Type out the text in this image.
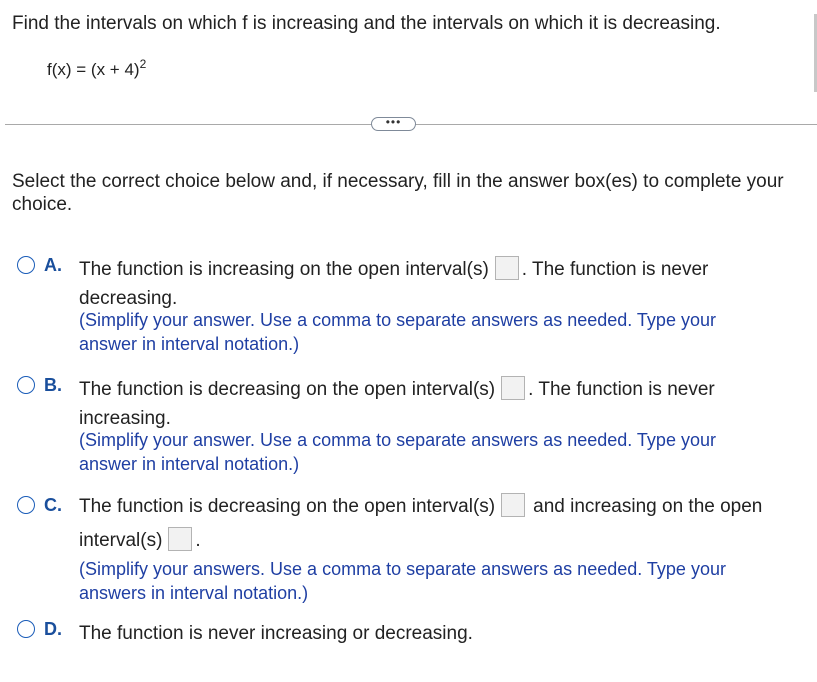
Find the intervals on which f is increasing and the intervals on which it is decreasing.
$f(x) = (x + 4)^2$
•••
Select the correct choice below and, if necessary, fill in the answer box(es) to complete your choice.
A. The function is increasing on the open interval(s) . The function is never
decreasing.
(Simplify your answer. Use a comma to separate answers as needed. Type your
answer in interval notation.)
B. The function is decreasing on the open interval(s) . The function is never
increasing.
(Simplify your answer. Use a comma to separate answers as needed. Type your
answer in interval notation.)
C. The function is decreasing on the open interval(s) and increasing on the open
interval(s) .
(Simplify your answers. Use a comma to separate answers as needed. Type your
answers in interval notation.)
D. The function is never increasing or decreasing.
